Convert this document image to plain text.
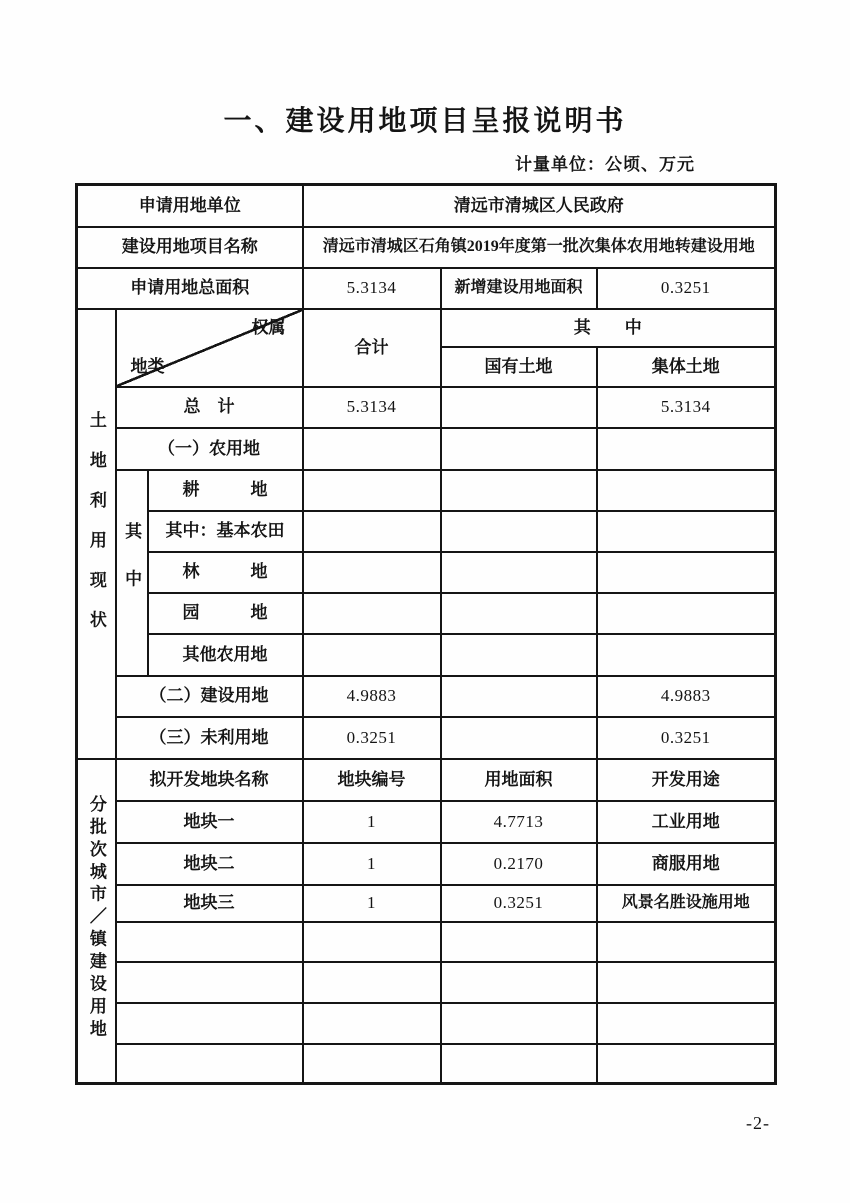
一、建设用地项目呈报说明书
计量单位：公顷、万元
申请用地单位			清远市清城区人民政府		
建设用地项目名称			清远市清城区石角镇2019年度第一批次集体农用地转建设用地		
申请用地总面积			5.3134	新增建设用地面积	0.3251
土地利用现状	权属
地类		合计	其　　中	
				国有土地	集体土地
	总　计		5.3134		5.3134
	（一）农用地				
	其中	耕　　　地			
		其中：基本农田			
		林　　　地			
		园　　　地			
		其他农用地			
	（二）建设用地		4.9883		4.9883
	（三）未利用地		0.3251		0.3251
分批次城市／镇建设用地	拟开发地块名称		地块编号	用地面积	开发用途
	地块一		1	4.7713	工业用地
	地块二		1	0.2170	商服用地
	地块三		1	0.3251	风景名胜设施用地

-2-
